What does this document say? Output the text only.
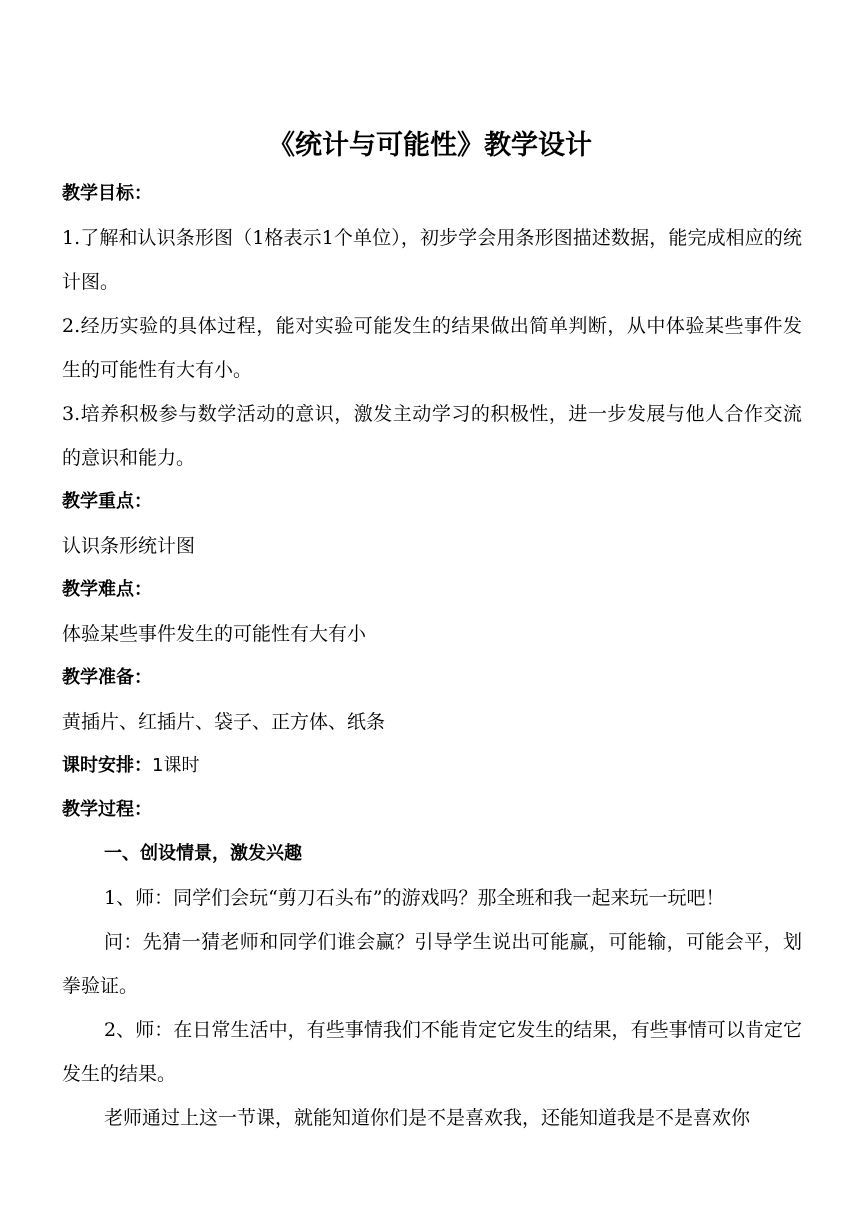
《统计与可能性》教学设计
教学目标：
1.了解和认识条形图（1格表示1个单位），初步学会用条形图描述数据，能完成相应的统计图。
2.经历实验的具体过程，能对实验可能发生的结果做出简单判断，从中体验某些事件发生的可能性有大有小。
3.培养积极参与数学活动的意识，激发主动学习的积极性，进一步发展与他人合作交流的意识和能力。
教学重点：
认识条形统计图
教学难点：
体验某些事件发生的可能性有大有小
教学准备：
黄插片、红插片、袋子、正方体、纸条
课时安排：1课时
教学过程：
一、创设情景，激发兴趣
1、师：同学们会玩“剪刀石头布”的游戏吗？那全班和我一起来玩一玩吧！
问：先猜一猜老师和同学们谁会赢？引导学生说出可能赢，可能输，可能会平，划拳验证。
2、师：在日常生活中，有些事情我们不能肯定它发生的结果，有些事情可以肯定它发生的结果。
老师通过上这一节课，就能知道你们是不是喜欢我，还能知道我是不是喜欢你
